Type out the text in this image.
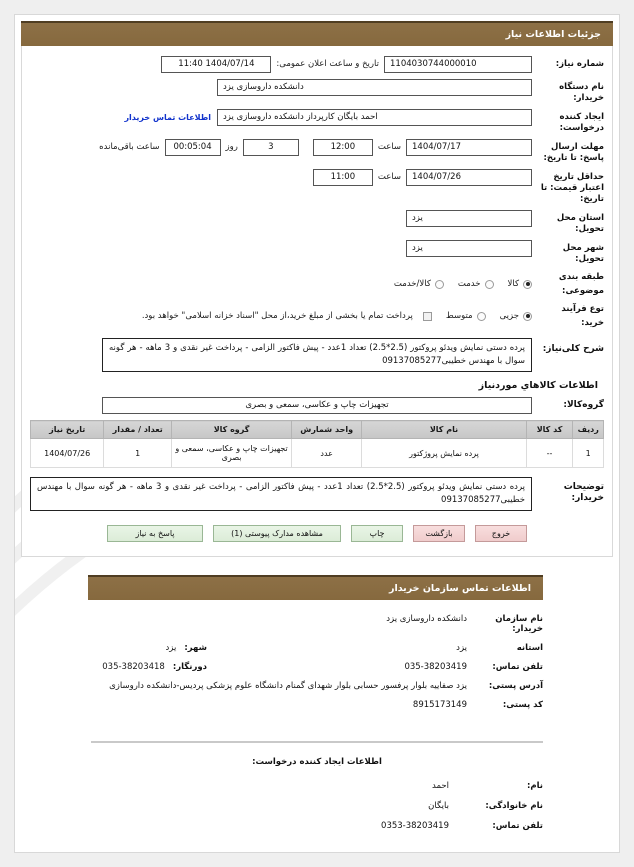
جزئیات اطلاعات نیاز
شماره نیاز:
1104030744000010
تاریخ و ساعت اعلان عمومی:
1404/07/14 11:40
نام دستگاه خریدار:
دانشکده داروسازی یزد
ایجاد کننده درخواست:
احمد بایگان کارپرداز دانشکده داروسازی یزد
اطلاعات تماس خریدار
مهلت ارسال پاسخ: تا تاریخ:
1404/07/17
ساعت
12:00
3
روز
00:05:04
ساعت باقی‌مانده
حداقل تاریخ اعتبار قیمت: تا تاریخ:
1404/07/26
ساعت
11:00
استان محل تحویل:
یزد
شهر محل تحویل:
یزد
طبقه بندی موضوعی:
کالا
خدمت
کالا/خدمت
توع فرآیند خرید:
جزیی
متوسط
پرداخت تمام یا بخشی از مبلغ خرید،از محل "اسناد خزانه اسلامی" خواهد بود.
شرح کلی‌نیاز:
پرده دستی نمایش ویدئو پروکتور (2.5*2.5) تعداد 1عدد - پیش فاکتور الزامی - پرداخت غیر نقدی و 3 ماهه - هر گونه سوال با مهندس خطیبی09137085277
اطلاعات کالاهاي موردنیاز
گروه‌کالا:
تجهیزات چاپ و عکاسی، سمعی و بصری
ردیف	کد کالا	نام کالا	واحد شمارش	گروه کالا	تعداد / مقدار	تاریخ نیاز
1	--	پرده نمایش پروژکتور	عدد	تجهیزات چاپ و عکاسی، سمعی و بصری	1	1404/07/26
توضیحات خریدار:
پرده دستی نمایش ویدئو پروکتور (2.5*2.5) تعداد 1عدد - پیش فاکتور الزامی - پرداخت غیر نقدی و 3 ماهه - هر گونه سوال با مهندس خطیبی09137085277
خروج
بازگشت
چاپ
مشاهده مدارک پیوستی (1)
پاسخ به نیاز
اطلاعات تماس سازمان خریدار
نام سازمان خریدار:
دانشکده داروسازی یزد
استانه
یزد
شهر:
یزد
تلفن تماس:
035-38203419
دورنگار:
035-38203418
آدرس پستی:
یزد صفاییه بلوار پرفسور حسابی بلوار شهدای گمنام دانشگاه علوم پزشکی پردیس-دانشکده داروسازی
کد پستی:
8915173149
اطلاعات ایجاد کننده درخواست:
نام:
احمد
نام خانوادگی:
بایگان
تلفن تماس:
0353-38203419
